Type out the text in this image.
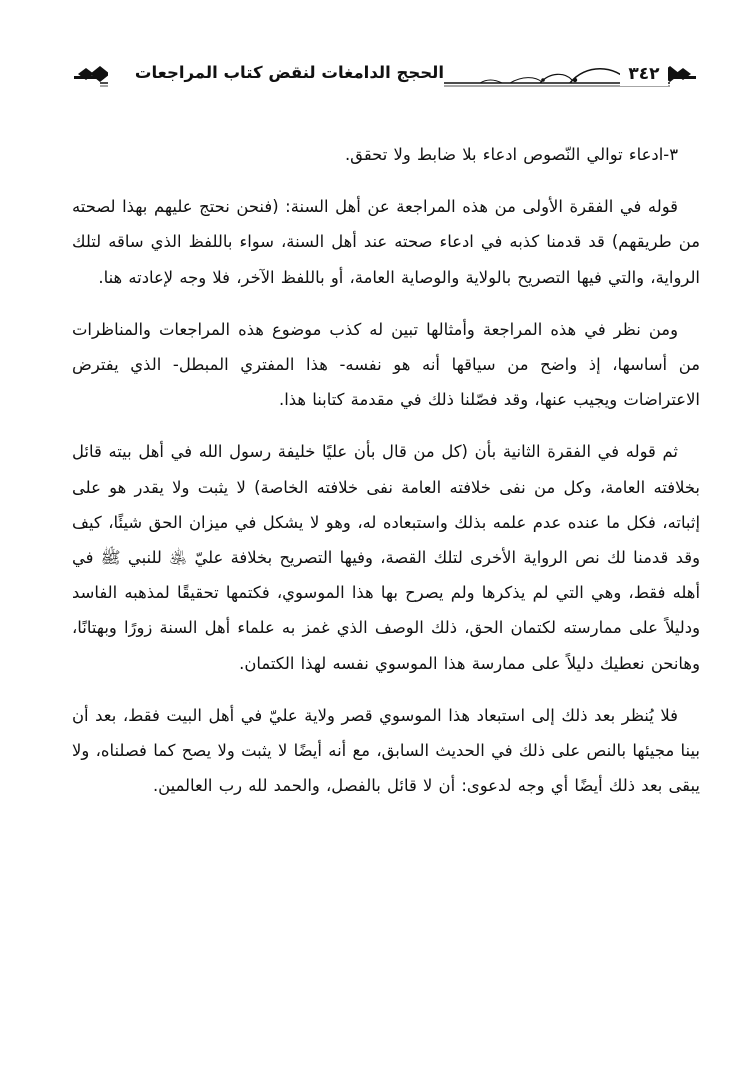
٣٤٢
الحجج الدامغات لنقض كتاب المراجعات

٣-ادعاء توالي النّصوص ادعاء بلا ضابط ولا تحقق.

قوله في الفقرة الأولى من هذه المراجعة عن أهل السنة: (فنحن نحتج عليهم بهذا لصحته من طريقهم) قد قدمنا كذبه في ادعاء صحته عند أهل السنة، سواء باللفظ الذي ساقه لتلك الرواية، والتي فيها التصريح بالولاية والوصاية العامة، أو باللفظ الآخر، فلا وجه لإعادته هنا.

ومن نظر في هذه المراجعة وأمثالها تبين له كذب موضوع هذه المراجعات والمناظرات من أساسها، إذ واضح من سياقها أنه هو نفسه- هذا المفتري المبطل- الذي يفترض الاعتراضات ويجيب عنها، وقد فصّلنا ذلك في مقدمة كتابنا هذا.

ثم قوله في الفقرة الثانية بأن (كل من قال بأن عليًا خليفة رسول الله في أهل بيته قائل بخلافته العامة، وكل من نفى خلافته العامة نفى خلافته الخاصة) لا يثبت ولا يقدر هو على إثباته، فكل ما عنده عدم علمه بذلك واستبعاده له، وهو لا يشكل في ميزان الحق شيئًا، كيف وقد قدمنا لك نص الرواية الأخرى لتلك القصة، وفيها التصريح بخلافة عليّ ﵁ للنبي ﷺ في أهله فقط، وهي التي لم يذكرها ولم يصرح بها هذا الموسوي، فكتمها تحقيقًا لمذهبه الفاسد ودليلاً على ممارسته لكتمان الحق، ذلك الوصف الذي غمز به علماء أهل السنة زورًا وبهتانًا، وهانحن نعطيك دليلاً على ممارسة هذا الموسوي نفسه لهذا الكتمان.

فلا يُنظر بعد ذلك إلى استبعاد هذا الموسوي قصر ولاية عليّ في أهل البيت فقط، بعد أن بينا مجيئها بالنص على ذلك في الحديث السابق، مع أنه أيضًا لا يثبت ولا يصح كما فصلناه، ولا يبقى بعد ذلك أيضًا أي وجه لدعوى: أن لا قائل بالفصل، والحمد لله رب العالمين.
